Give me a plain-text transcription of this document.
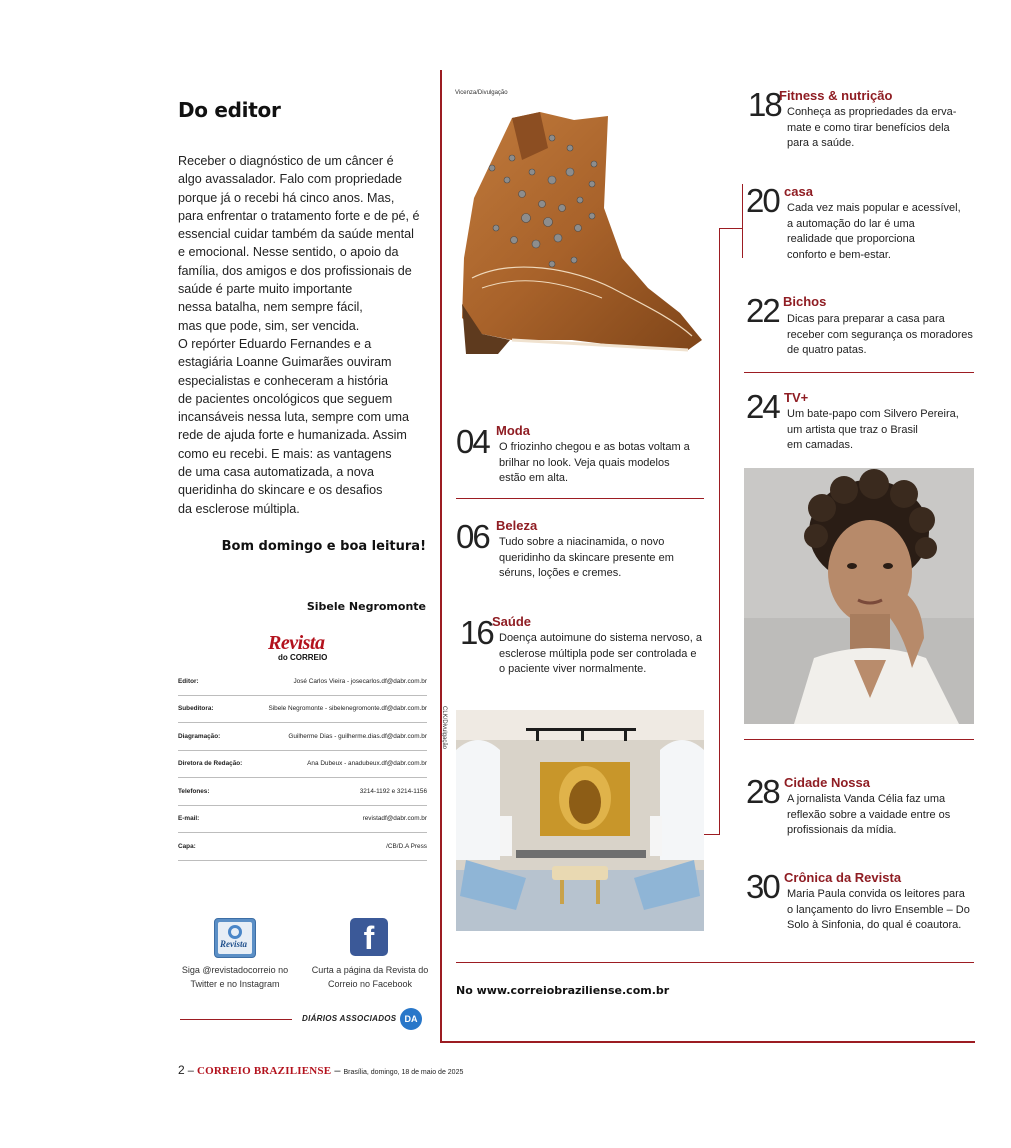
Do editor
Receber o diagnóstico de um câncer é
algo avassalador. Falo com propriedade
porque já o recebi há cinco anos. Mas,
para enfrentar o tratamento forte e de pé, é
essencial cuidar também da saúde mental
e emocional. Nesse sentido, o apoio da
família, dos amigos e dos profissionais de
saúde é parte muito importante
nessa batalha, nem sempre fácil,
mas que pode, sim, ser vencida.
O repórter Eduardo Fernandes e a
estagiária Loanne Guimarães ouviram
especialistas e conheceram a história
de pacientes oncológicos que seguem
incansáveis nessa luta, sempre com uma
rede de ajuda forte e humanizada. Assim
como eu recebi. E mais: as vantagens
de uma casa automatizada, a nova
queridinha do skincare e os desafios
da esclerose múltipla.
Bom domingo e boa leitura!
Sibele Negromonte
Revista
do CORREIO
Editor:	José Carlos Vieira - josecarlos.df@dabr.com.br
Subeditora:	Sibele Negromonte - sibelenegromonte.df@dabr.com.br
Diagramação:	Guilherme Dias - guilherme.dias.df@dabr.com.br
Diretora de Redação:	Ana Dubeux - anadubeux.df@dabr.com.br
Telefones:	3214-1192 e 3214-1156
E-mail:	revistadf@dabr.com.br
Capa:	/CB/D.A Press
Revista	f
Siga @revistadocorreio no Twitter e no Instagram
Curta a página da Revista do Correio no Facebook
DIÁRIOS ASSOCIADOS DA
2 – CORREIO BRAZILIENSE – Brasília, domingo, 18 de maio de 2025
Vicenza/Divulgação
04 Moda
O friozinho chegou e as botas voltam a
brilhar no look. Veja quais modelos
estão em alta.
06 Beleza
Tudo sobre a niacinamida, o novo
queridinho da skincare presente em
séruns, loções e cremes.
16 Saúde
Doença autoimune do sistema nervoso, a
esclerose múltipla pode ser controlada e
o paciente viver normalmente.
CLK/Divulgação
18
Fitness & nutrição
Conheça as propriedades da erva-
mate e como tirar benefícios dela
para a saúde.
20 casa
Cada vez mais popular e acessível,
a automação do lar é uma
realidade que proporciona
conforto e bem-estar.
22 Bichos
Dicas para preparar a casa para
receber com segurança os moradores
de quatro patas.
24 TV+
Um bate-papo com Silvero Pereira,
um artista que traz o Brasil
em camadas.
28 Cidade Nossa
A jornalista Vanda Célia faz uma
reflexão sobre a vaidade entre os
profissionais da mídia.
30 Crônica da Revista
Maria Paula convida os leitores para
o lançamento do livro Ensemble – Do
Solo à Sinfonia, do qual é coautora.
No www.correiobraziliense.com.br
